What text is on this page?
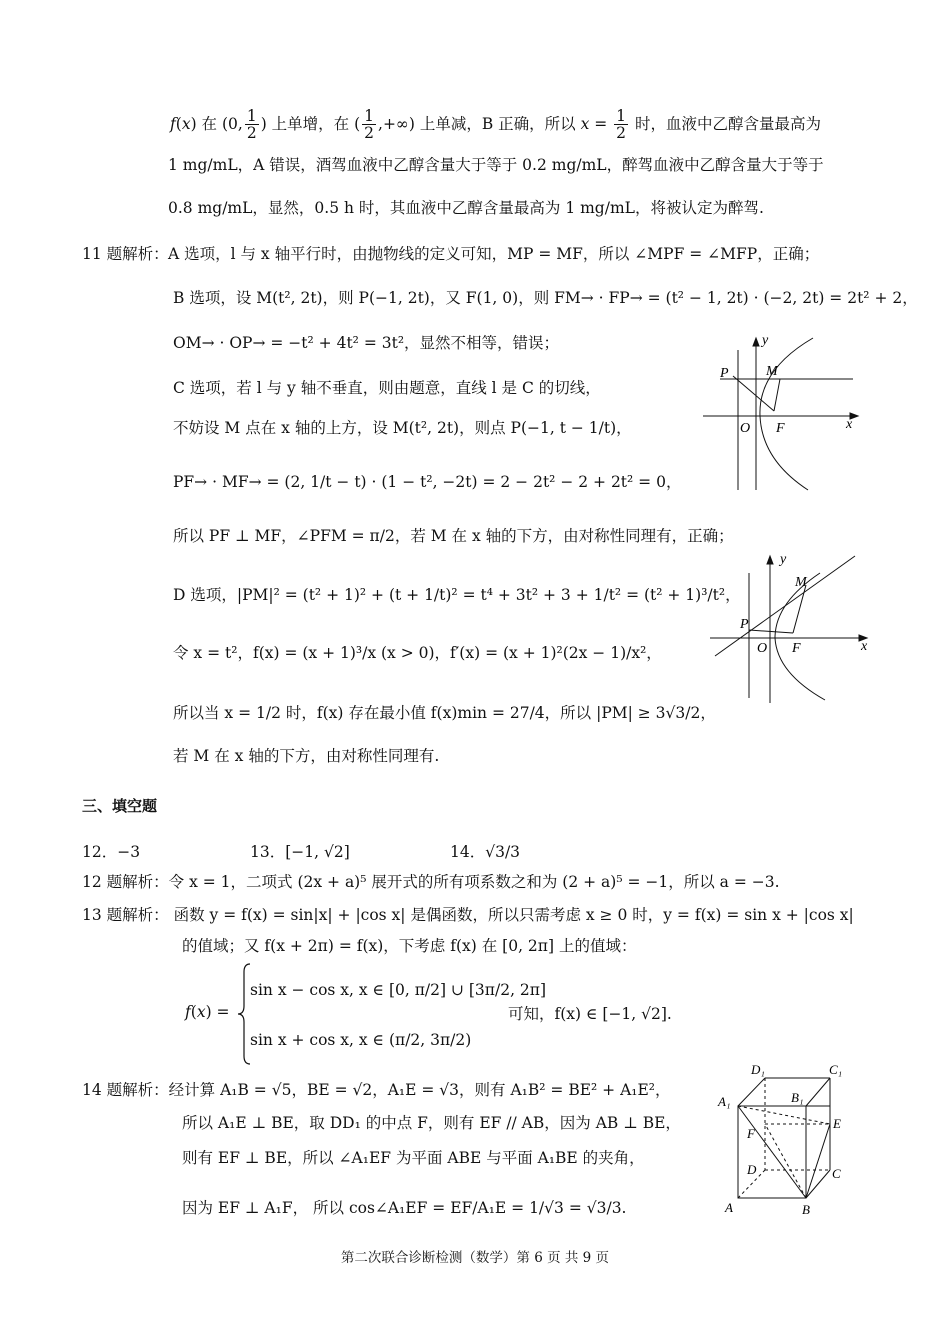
f(x) 在 (0, $\frac{1}{2}$ ) 上单增，在 ( $\frac{1}{2}$ ,+∞) 上单减，B 正确，所以 $x = \frac{1}{2}$ 时，血液中乙醇含量最高为
1 mg/mL，A 错误，酒驾血液中乙醇含量大于等于 0.2 mg/mL，醉驾血液中乙醇含量大于等于
0.8 mg/mL，显然，0.5 h 时，其血液中乙醇含量最高为 1 mg/mL，将被认定为醉驾.
11 题解析： A 选项，l 与 x 轴平行时，由抛物线的定义可知，MP = MF，所以 ∠MPF = ∠MFP，正确；
B 选项，设 M(t², 2t)，则 P(−1, 2t)，又 F(1, 0)，则 FM→ · FP→ = (t² − 1, 2t) · (−2, 2t) = 2t² + 2，
OM→ · OP→ = −t² + 4t² = 3t²，显然不相等，错误；
C 选项，若 l 与 y 轴不垂直，则由题意，直线 l 是 C 的切线，
不妨设 M 点在 x 轴的上方，设 M(t², 2t)，则点 P(−1, t − 1/t)，
PF→ · MF→ = (2, 1/t − t) · (1 − t², −2t) = 2 − 2t² − 2 + 2t² = 0，
所以 PF ⊥ MF，∠PFM = π/2，若 M 在 x 轴的下方，由对称性同理有，正确；
D 选项，|PM|² = (t² + 1)² + (t + 1/t)² = t⁴ + 3t² + 3 + 1/t² = (t² + 1)³/t²，
令 x = t²，f(x) = (x + 1)³/x (x > 0)，f′(x) = (x + 1)²(2x − 1)/x²，
所以当 x = 1/2 时，f(x) 存在最小值 f(x)min = 27/4，所以 |PM| ≥ 3√3/2，
若 M 在 x 轴的下方，由对称性同理有.
y
P	M
O F	x
y
M
P
O F	x
三、填空题
12．−3	13．[−1, √2]	14．√3/3
12 题解析：令 x = 1，二项式 (2x + a)⁵ 展开式的所有项系数之和为 (2 + a)⁵ = −1，所以 a = −3.
13 题解析： 函数 y = f(x) = sin|x| + |cos x| 是偶函数，所以只需考虑 x ≥ 0 时，y = f(x) = sin x + |cos x|
的值域；又 f(x + 2π) = f(x)，下考虑 f(x) 在 [0, 2π] 上的值域：
f(x) =
sin x − cos x, x ∈ [0, π/2] ∪ [3π/2, 2π]
sin x + cos x, x ∈ (π/2, 3π/2)
可知，f(x) ∈ [−1, √2].
14 题解析：经计算 A₁B = √5，BE = √2，A₁E = √3，则有 A₁B² = BE² + A₁E²，
所以 A₁E ⊥ BE，取 DD₁ 的中点 F，则有 EF // AB，因为 AB ⊥ BE，
则有 EF ⊥ BE，所以 ∠A₁EF 为平面 ABE 与平面 A₁BE 的夹角，
因为 EF ⊥ A₁F， 所以 cos∠A₁EF = EF/A₁E = 1/√3 = √3/3.
D₁	C₁
A₁	B₁
E
F
D	C
A	B
第二次联合诊断检测（数学）第 6 页 共 9 页
